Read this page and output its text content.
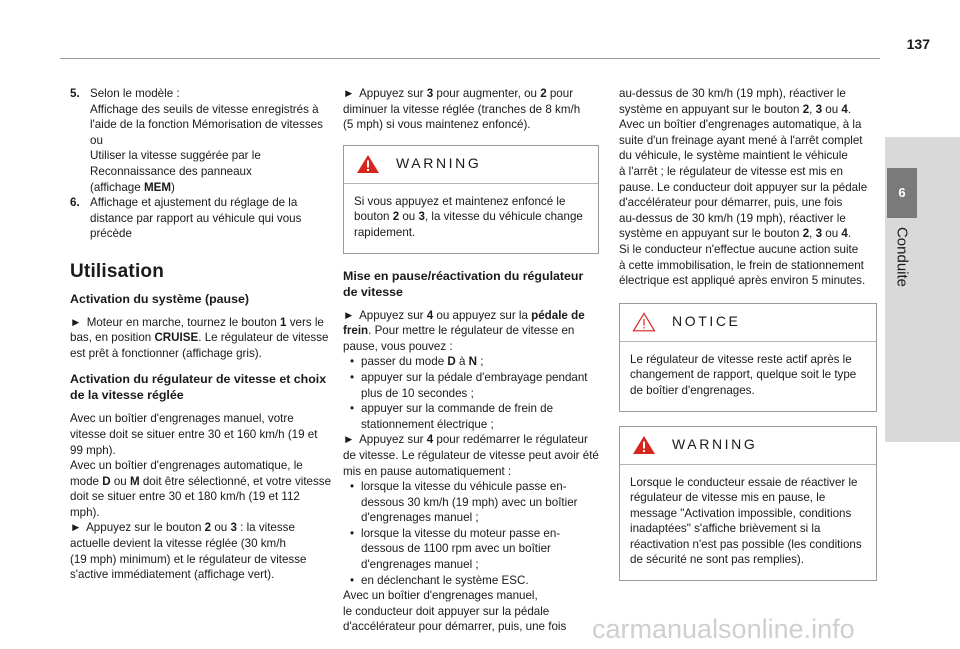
137
6
Conduite
5. Selon le modèle :
Affichage des seuils de vitesse enregistrés à l'aide de la fonction Mémorisation de vitesses
ou
Utiliser la vitesse suggérée par le Reconnaissance des panneaux
(affichage MEM)
6. Affichage et ajustement du réglage de la distance par rapport au véhicule qui vous précède
Utilisation
Activation du système (pause)

► Moteur en marche, tournez le bouton 1 vers le bas, en position CRUISE. Le régulateur de vitesse est prêt à fonctionner (affichage gris).

Activation du régulateur de vitesse et choix de la vitesse réglée

Avec un boîtier d'engrenages manuel, votre vitesse doit se situer entre 30 et 160 km/h (19 et 99 mph).
Avec un boîtier d'engrenages automatique, le mode D ou M doit être sélectionné, et votre vitesse doit se situer entre 30 et 180 km/h (19 et 112 mph).

► Appuyez sur le bouton 2 ou 3 : la vitesse actuelle devient la vitesse réglée (30 km/h
(19 mph) minimum) et le régulateur de vitesse s'active immédiatement (affichage vert).

► Appuyez sur 3 pour augmenter, ou 2 pour diminuer la vitesse réglée (tranches de 8 km/h
(5 mph) si vous maintenez enfoncé).

WARNING
Si vous appuyez et maintenez enfoncé le bouton 2 ou 3, la vitesse du véhicule change rapidement.
Mise en pause/réactivation du régulateur de vitesse

► Appuyez sur 4 ou appuyez sur la pédale de frein. Pour mettre le régulateur de vitesse en pause, vous pouvez :

• passer du mode D à N ;
• appuyer sur la pédale d'embrayage pendant plus de 10 secondes ;
• appuyer sur la commande de frein de stationnement électrique ;

► Appuyez sur 4 pour redémarrer le régulateur de vitesse. Le régulateur de vitesse peut avoir été mis en pause automatiquement :

• lorsque la vitesse du véhicule passe en-dessous 30 km/h (19 mph) avec un boîtier d'engrenages manuel ;
• lorsque la vitesse du moteur passe en-dessous de 1100 rpm avec un boîtier d'engrenages manuel ;
• en déclenchant le système ESC.

Avec un boîtier d'engrenages manuel,
le conducteur doit appuyer sur la pédale d'accélérateur pour démarrer, puis, une fois

au-dessus de 30 km/h (19 mph), réactiver le système en appuyant sur le bouton 2, 3 ou 4.
Avec un boîtier d'engrenages automatique, à la suite d'un freinage ayant mené à l'arrêt complet du véhicule, le système maintient le véhicule
à l'arrêt ; le régulateur de vitesse est mis en pause. Le conducteur doit appuyer sur la pédale d'accélérateur pour démarrer, puis, une fois
au-dessus de 30 km/h (19 mph), réactiver le système en appuyant sur le bouton 2, 3 ou 4.
Si le conducteur n'effectue aucune action suite
à cette immobilisation, le frein de stationnement électrique est appliqué après environ 5 minutes.

NOTICE
Le régulateur de vitesse reste actif après le changement de rapport, quelque soit le type de boîtier d'engrenages.
WARNING
Lorsque le conducteur essaie de réactiver le régulateur de vitesse mis en pause, le message "Activation impossible, conditions inadaptées" s'affiche brièvement si la réactivation n'est pas possible (les conditions de sécurité ne sont pas remplies).
carmanualsonline.info
